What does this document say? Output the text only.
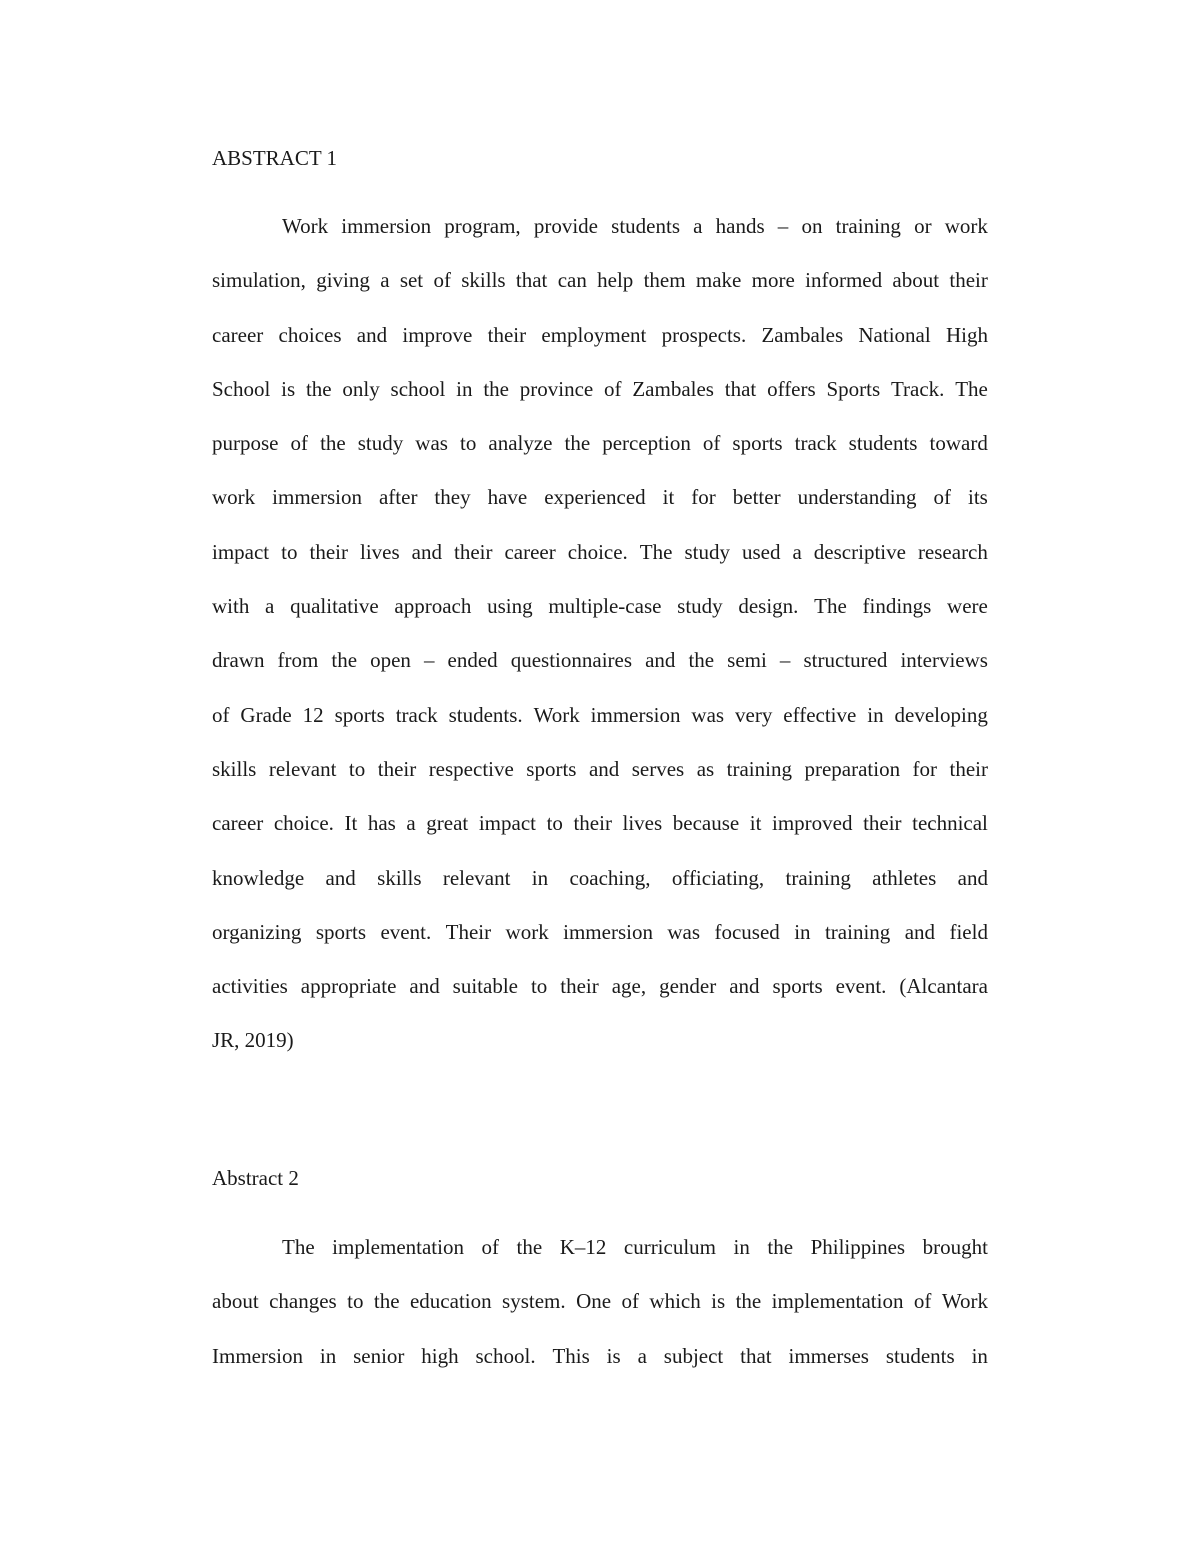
ABSTRACT 1
Work immersion program, provide students a hands – on training or work
simulation, giving a set of skills that can help them make more informed about their
career choices and improve their employment prospects. Zambales National High
School is the only school in the province of Zambales that offers Sports Track. The
purpose of the study was to analyze the perception of sports track students toward
work immersion after they have experienced it for better understanding of its
impact to their lives and their career choice. The study used a descriptive research
with a qualitative approach using multiple-case study design. The findings were
drawn from the open – ended questionnaires and the semi – structured interviews
of Grade 12 sports track students. Work immersion was very effective in developing
skills relevant to their respective sports and serves as training preparation for their
career choice. It has a great impact to their lives because it improved their technical
knowledge and skills relevant in coaching, officiating, training athletes and
organizing sports event. Their work immersion was focused in training and field
activities appropriate and suitable to their age, gender and sports event. (Alcantara
JR, 2019)
Abstract 2
The implementation of the K–12 curriculum in the Philippines brought
about changes to the education system. One of which is the implementation of Work
Immersion in senior high school. This is a subject that immerses students in
